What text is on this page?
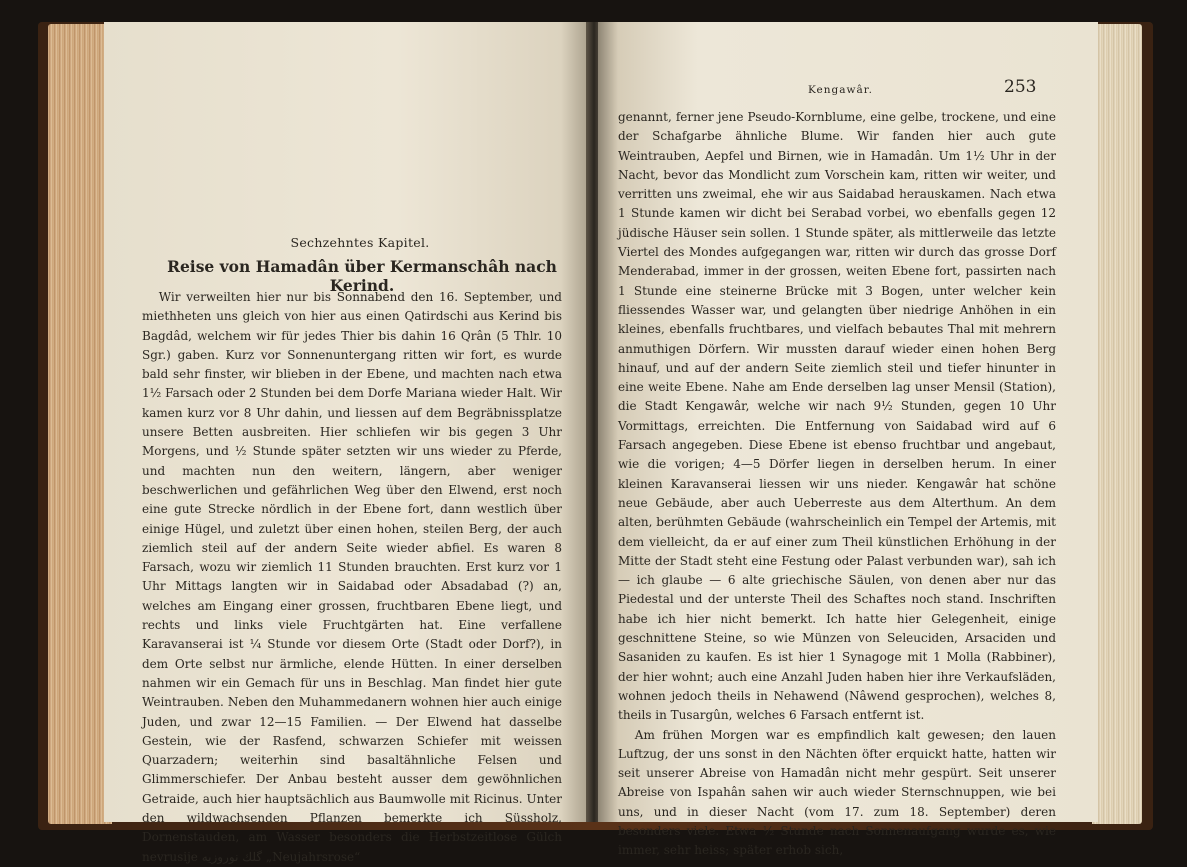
Sechzehntes Kapitel.
Reise von Hamadân über Kermanschâh nach Kerind.

Wir verweilten hier nur bis Sonnabend den 16. September, und miethheten uns gleich von hier aus einen Qatirdschi aus Kerind bis Bagdâd, welchem wir für jedes Thier bis dahin 16 Qrân (5 Thlr. 10 Sgr.) gaben. Kurz vor Sonnenuntergang ritten wir fort, es wurde bald sehr finster, wir blieben in der Ebene, und machten nach etwa 1½ Farsach oder 2 Stunden bei dem Dorfe Mariana wieder Halt. Wir kamen kurz vor 8 Uhr dahin, und liessen auf dem Begräbnissplatze unsere Betten ausbreiten. Hier schliefen wir bis gegen 3 Uhr Morgens, und ½ Stunde später setzten wir uns wieder zu Pferde, und machten nun den weitern, längern, aber weniger beschwerlichen und gefährlichen Weg über den Elwend, erst noch eine gute Strecke nördlich in der Ebene fort, dann westlich über einige Hügel, und zuletzt über einen hohen, steilen Berg, der auch ziemlich steil auf der andern Seite wieder abfiel. Es waren 8 Farsach, wozu wir ziemlich 11 Stunden brauchten. Erst kurz vor 1 Uhr Mittags langten wir in Saidabad oder Absadabad (?) an, welches am Eingang einer grossen, fruchtbaren Ebene liegt, und rechts und links viele Fruchtgärten hat. Eine verfallene Karavanserai ist ¼ Stunde vor diesem Orte (Stadt oder Dorf?), in dem Orte selbst nur ärmliche, elende Hütten. In einer derselben nahmen wir ein Gemach für uns in Beschlag. Man findet hier gute Weintrauben. Neben den Muhammedanern wohnen hier auch einige Juden, und zwar 12—15 Familien. — Der Elwend hat dasselbe Gestein, wie der Rasfend, schwarzen Schiefer mit weissen Quarzadern; weiterhin sind basaltähnliche Felsen und Glimmerschiefer. Der Anbau besteht ausser dem gewöhnlichen Getraide, auch hier hauptsächlich aus Baumwolle mit Ricinus. Unter den wildwachsenden Pflanzen bemerkte ich Süssholz, Dornenstauden, am Wasser besonders die Herbstzeitlose Gülch nevrusije گلك نوروزیه „Neujahrsrose“

Kengawâr.	253

genannt, ferner jene Pseudo-Kornblume, eine gelbe, trockene, und eine der Schafgarbe ähnliche Blume. Wir fanden hier auch gute Weintrauben, Aepfel und Birnen, wie in Hamadân. Um 1½ Uhr in der Nacht, bevor das Mondlicht zum Vorschein kam, ritten wir weiter, und verritten uns zweimal, ehe wir aus Saidabad herauskamen. Nach etwa 1 Stunde kamen wir dicht bei Serabad vorbei, wo ebenfalls gegen 12 jüdische Häuser sein sollen. 1 Stunde später, als mittlerweile das letzte Viertel des Mondes aufgegangen war, ritten wir durch das grosse Dorf Menderabad, immer in der grossen, weiten Ebene fort, passirten nach 1 Stunde eine steinerne Brücke mit 3 Bogen, unter welcher kein fliessendes Wasser war, und gelangten über niedrige Anhöhen in ein kleines, ebenfalls fruchtbares, und vielfach bebautes Thal mit mehrern anmuthigen Dörfern. Wir mussten darauf wieder einen hohen Berg hinauf, und auf der andern Seite ziemlich steil und tiefer hinunter in eine weite Ebene. Nahe am Ende derselben lag unser Mensil (Station), die Stadt Kengawâr, welche wir nach 9½ Stunden, gegen 10 Uhr Vormittags, erreichten. Die Entfernung von Saidabad wird auf 6 Farsach angegeben. Diese Ebene ist ebenso fruchtbar und angebaut, wie die vorigen; 4—5 Dörfer liegen in derselben herum. In einer kleinen Karavanserai liessen wir uns nieder. Kengawâr hat schöne neue Gebäude, aber auch Ueberreste aus dem Alterthum. An dem alten, berühmten Gebäude (wahrscheinlich ein Tempel der Artemis, mit dem vielleicht, da er auf einer zum Theil künstlichen Erhöhung in der Mitte der Stadt steht eine Festung oder Palast verbunden war), sah ich — ich glaube — 6 alte griechische Säulen, von denen aber nur das Piedestal und der unterste Theil des Schaftes noch stand. Inschriften habe ich hier nicht bemerkt. Ich hatte hier Gelegenheit, einige geschnittene Steine, so wie Münzen von Seleuciden, Arsaciden und Sasaniden zu kaufen. Es ist hier 1 Synagoge mit 1 Molla (Rabbiner), der hier wohnt; auch eine Anzahl Juden haben hier ihre Verkaufsläden, wohnen jedoch theils in Nehawend (Nâwend gesprochen), welches 8, theils in Tusargûn, welches 6 Farsach entfernt ist.

Am frühen Morgen war es empfindlich kalt gewesen; den lauen Luftzug, der uns sonst in den Nächten öfter erquickt hatte, hatten wir seit unserer Abreise von Hamadân nicht mehr gespürt. Seit unserer Abreise von Ispahân sahen wir auch wieder Sternschnuppen, wie bei uns, und in dieser Nacht (vom 17. zum 18. September) deren besonders viele. Etwa ½ Stunde nach Sonnenaufgang wurde es, wie immer, sehr heiss; später erhob sich,
